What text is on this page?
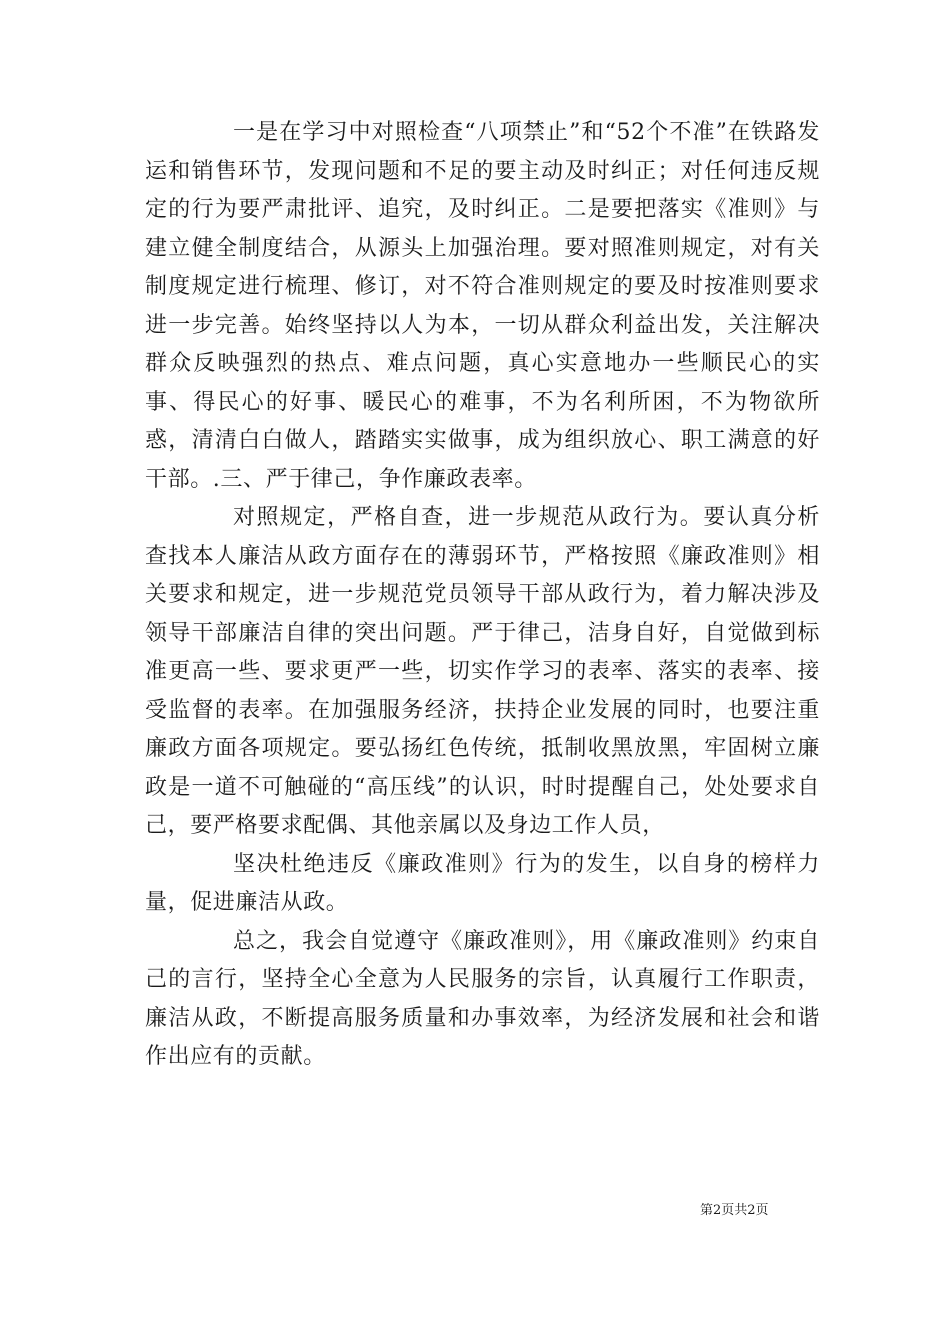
一是在学习中对照检查“八项禁止”和“52个不准”在铁路发运和销售环节，发现问题和不足的要主动及时纠正；对任何违反规定的行为要严肃批评、追究，及时纠正。二是要把落实《准则》与建立健全制度结合，从源头上加强治理。要对照准则规定，对有关制度规定进行梳理、修订，对不符合准则规定的要及时按准则要求进一步完善。始终坚持以人为本，一切从群众利益出发，关注解决群众反映强烈的热点、难点问题，真心实意地办一些顺民心的实事、得民心的好事、暖民心的难事，不为名利所困，不为物欲所惑，清清白白做人，踏踏实实做事，成为组织放心、职工满意的好干部。.三、严于律己，争作廉政表率。

对照规定，严格自查，进一步规范从政行为。要认真分析查找本人廉洁从政方面存在的薄弱环节，严格按照《廉政准则》相关要求和规定，进一步规范党员领导干部从政行为，着力解决涉及领导干部廉洁自律的突出问题。严于律己，洁身自好，自觉做到标准更高一些、要求更严一些，切实作学习的表率、落实的表率、接受监督的表率。在加强服务经济，扶持企业发展的同时，也要注重廉政方面各项规定。要弘扬红色传统，抵制收黑放黑，牢固树立廉政是一道不可触碰的“高压线”的认识，时时提醒自己，处处要求自己，要严格要求配偶、其他亲属以及身边工作人员，

坚决杜绝违反《廉政准则》行为的发生，以自身的榜样力量，促进廉洁从政。

总之，我会自觉遵守《廉政准则》，用《廉政准则》约束自己的言行，坚持全心全意为人民服务的宗旨，认真履行工作职责，廉洁从政，不断提高服务质量和办事效率，为经济发展和社会和谐作出应有的贡献。

第2页共2页
